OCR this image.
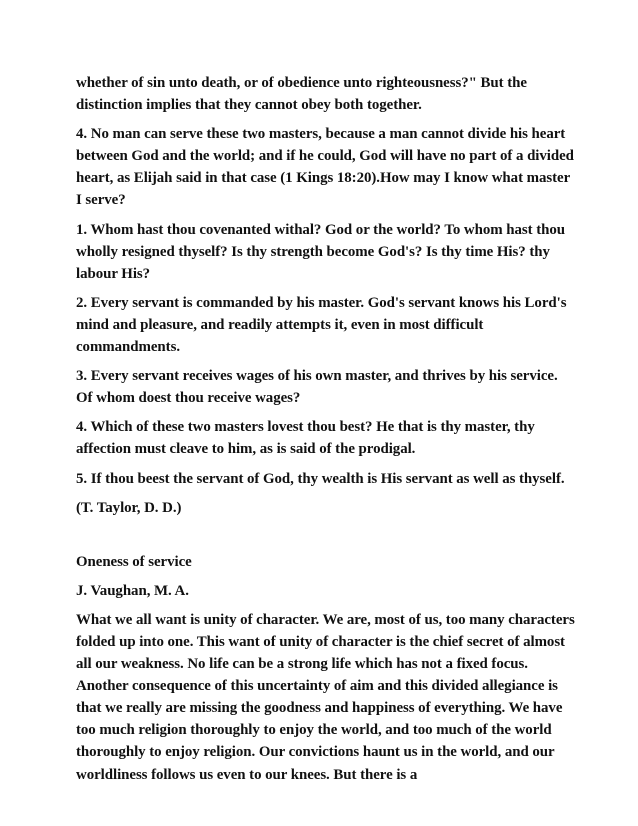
whether of sin unto death, or of obedience unto righteousness?" But the distinction implies that they cannot obey both together.

4. No man can serve these two masters, because a man cannot divide his heart between God and the world; and if he could, God will have no part of a divided heart, as Elijah said in that case (1 Kings 18:20).How may I know what master I serve?

1. Whom hast thou covenanted withal? God or the world? To whom hast thou wholly resigned thyself? Is thy strength become God's? Is thy time His? thy labour His?

2. Every servant is commanded by his master. God's servant knows his Lord's mind and pleasure, and readily attempts it, even in most difficult commandments.

3. Every servant receives wages of his own master, and thrives by his service. Of whom doest thou receive wages?

4. Which of these two masters lovest thou best? He that is thy master, thy affection must cleave to him, as is said of the prodigal.

5. If thou beest the servant of God, thy wealth is His servant as well as thyself.

(T. Taylor, D. D.)

Oneness of service

J. Vaughan, M. A.

What we all want is unity of character. We are, most of us, too many characters folded up into one. This want of unity of character is the chief secret of almost all our weakness. No life can be a strong life which has not a fixed focus. Another consequence of this uncertainty of aim and this divided allegiance is that we really are missing the goodness and happiness of everything. We have too much religion thoroughly to enjoy the world, and too much of the world thoroughly to enjoy religion. Our convictions haunt us in the world, and our worldliness follows us even to our knees. But there is a
